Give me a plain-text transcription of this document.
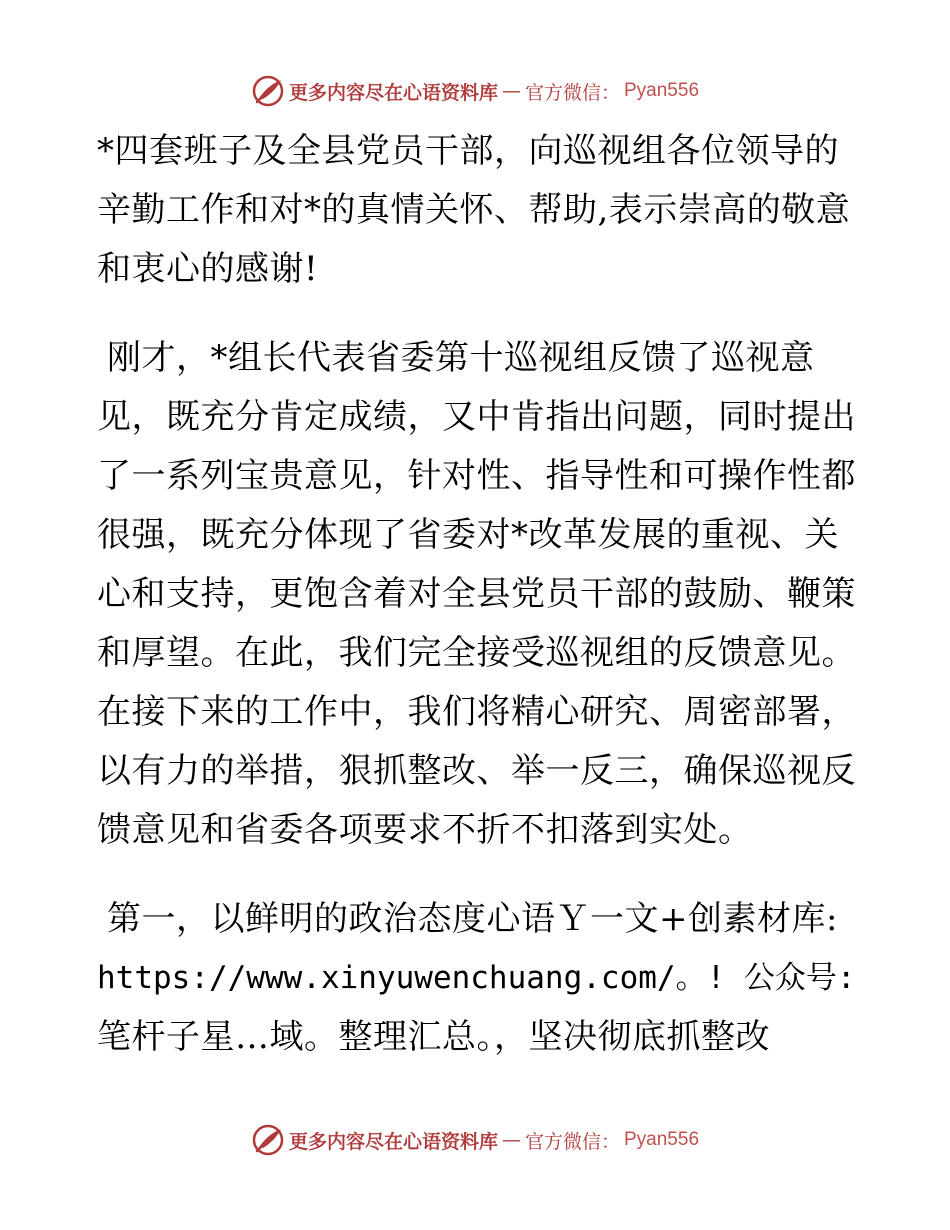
更多内容尽在心语资料库 — 官方微信： Pyan556
*四套班子及全县党员干部，向巡视组各位领导的
辛勤工作和对*的真情关怀、帮助,表示崇高的敬意
和衷心的感谢!
刚才，*组长代表省委第十巡视组反馈了巡视意
见，既充分肯定成绩，又中肯指出问题，同时提出
了一系列宝贵意见，针对性、指导性和可操作性都
很强，既充分体现了省委对*改革发展的重视、关
心和支持，更饱含着对全县党员干部的鼓励、鞭策
和厚望。在此，我们完全接受巡视组的反馈意见。
在接下来的工作中，我们将精心研究、周密部署，
以有力的举措，狠抓整改、举一反三，确保巡视反
馈意见和省委各项要求不折不扣落到实处。
第一，以鲜明的政治态度心语Ｙ一文+创素材库:
https://www.xinyuwenchuang.com/。! 公众号:
笔杆子星…域。整理汇总。，坚决彻底抓整改
更多内容尽在心语资料库 — 官方微信： Pyan556
